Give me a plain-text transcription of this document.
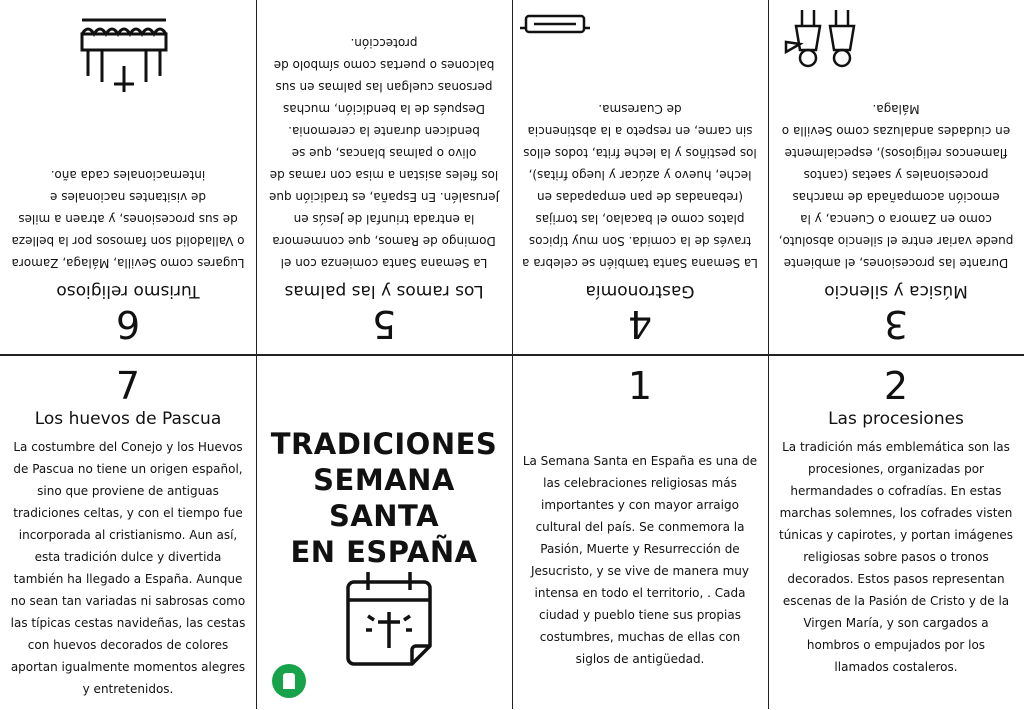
6
Turismo religioso
Lugares como Sevilla, Málaga, Zamora o Valladolid son famosos por la belleza de sus procesiones, y atraen a miles de visitantes nacionales e internacionales cada año.
5
Los ramos y las palmas
La Semana Santa comienza con el Domingo de Ramos, que conmemora la entrada triunfal de Jesús en Jerusalén. En España, es tradición que los fieles asistan a misa con ramas de olivo o palmas blancas, que se bendicen durante la ceremonia. Después de la bendición, muchas personas cuelgan las palmas en sus balcones o puertas como símbolo de protección.
4
Gastronomía
La Semana Santa también se celebra a través de la comida. Son muy típicos platos como el bacalao, las torrijas (rebanadas de pan empapadas en leche, huevo y azúcar y luego fritas), los pestiños y la leche frita, todos ellos sin carne, en respeto a la abstinencia de Cuaresma.
3
Música y silencio
Durante las procesiones, el ambiente puede variar entre el silencio absoluto, como en Zamora o Cuenca, y la emoción acompañada de marchas procesionales y saetas (cantos flamencos religiosos), especialmente en ciudades andaluzas como Sevilla o Málaga.
7
Los huevos de Pascua
La costumbre del Conejo y los Huevos de Pascua no tiene un origen español, sino que proviene de antiguas tradiciones celtas, y con el tiempo fue incorporada al cristianismo. Aun así, esta tradición dulce y divertida también ha llegado a España. Aunque no sean tan variadas ni sabrosas como las típicas cestas navideñas, las cestas con huevos decorados de colores aportan igualmente momentos alegres y entretenidos.
TRADICIONES
SEMANA SANTA
EN ESPAÑA
1
La Semana Santa en España es una de las celebraciones religiosas más importantes y con mayor arraigo cultural del país. Se conmemora la Pasión, Muerte y Resurrección de Jesucristo, y se vive de manera muy intensa en todo el territorio, . Cada ciudad y pueblo tiene sus propias costumbres, muchas de ellas con siglos de antigüedad.
2
Las procesiones
La tradición más emblemática son las procesiones, organizadas por hermandades o cofradías. En estas marchas solemnes, los cofrades visten túnicas y capirotes, y portan imágenes religiosas sobre pasos o tronos decorados. Estos pasos representan escenas de la Pasión de Cristo y de la Virgen María, y son cargados a hombros o empujados por los llamados costaleros.
